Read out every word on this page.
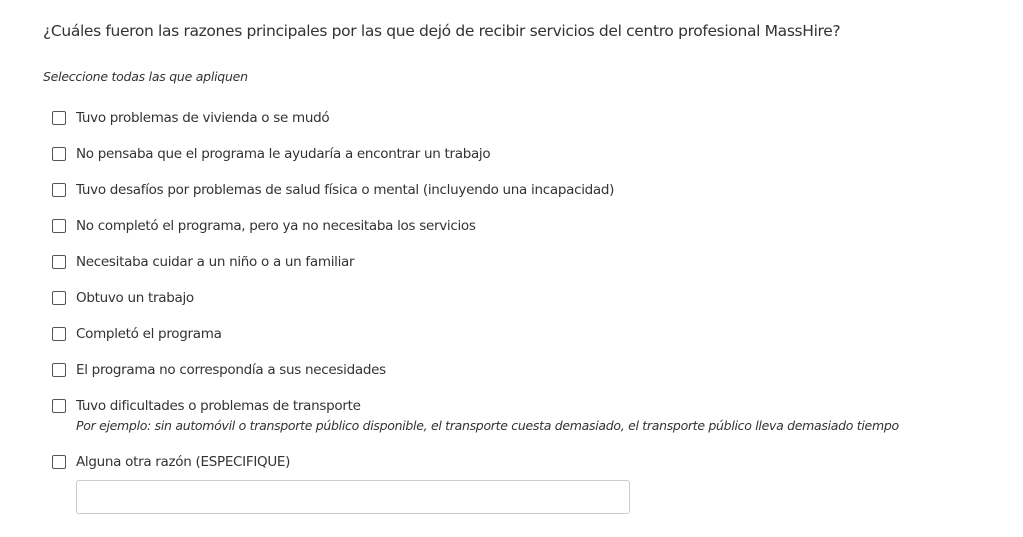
¿Cuáles fueron las razones principales por las que dejó de recibir servicios del centro profesional MassHire?
Seleccione todas las que apliquen
Tuvo problemas de vivienda o se mudó
No pensaba que el programa le ayudaría a encontrar un trabajo
Tuvo desafíos por problemas de salud física o mental (incluyendo una incapacidad)
No completó el programa, pero ya no necesitaba los servicios
Necesitaba cuidar a un niño o a un familiar
Obtuvo un trabajo
Completó el programa
El programa no correspondía a sus necesidades
Tuvo dificultades o problemas de transporte
Por ejemplo: sin automóvil o transporte público disponible, el transporte cuesta demasiado, el transporte público lleva demasiado tiempo
Alguna otra razón (ESPECIFIQUE)
